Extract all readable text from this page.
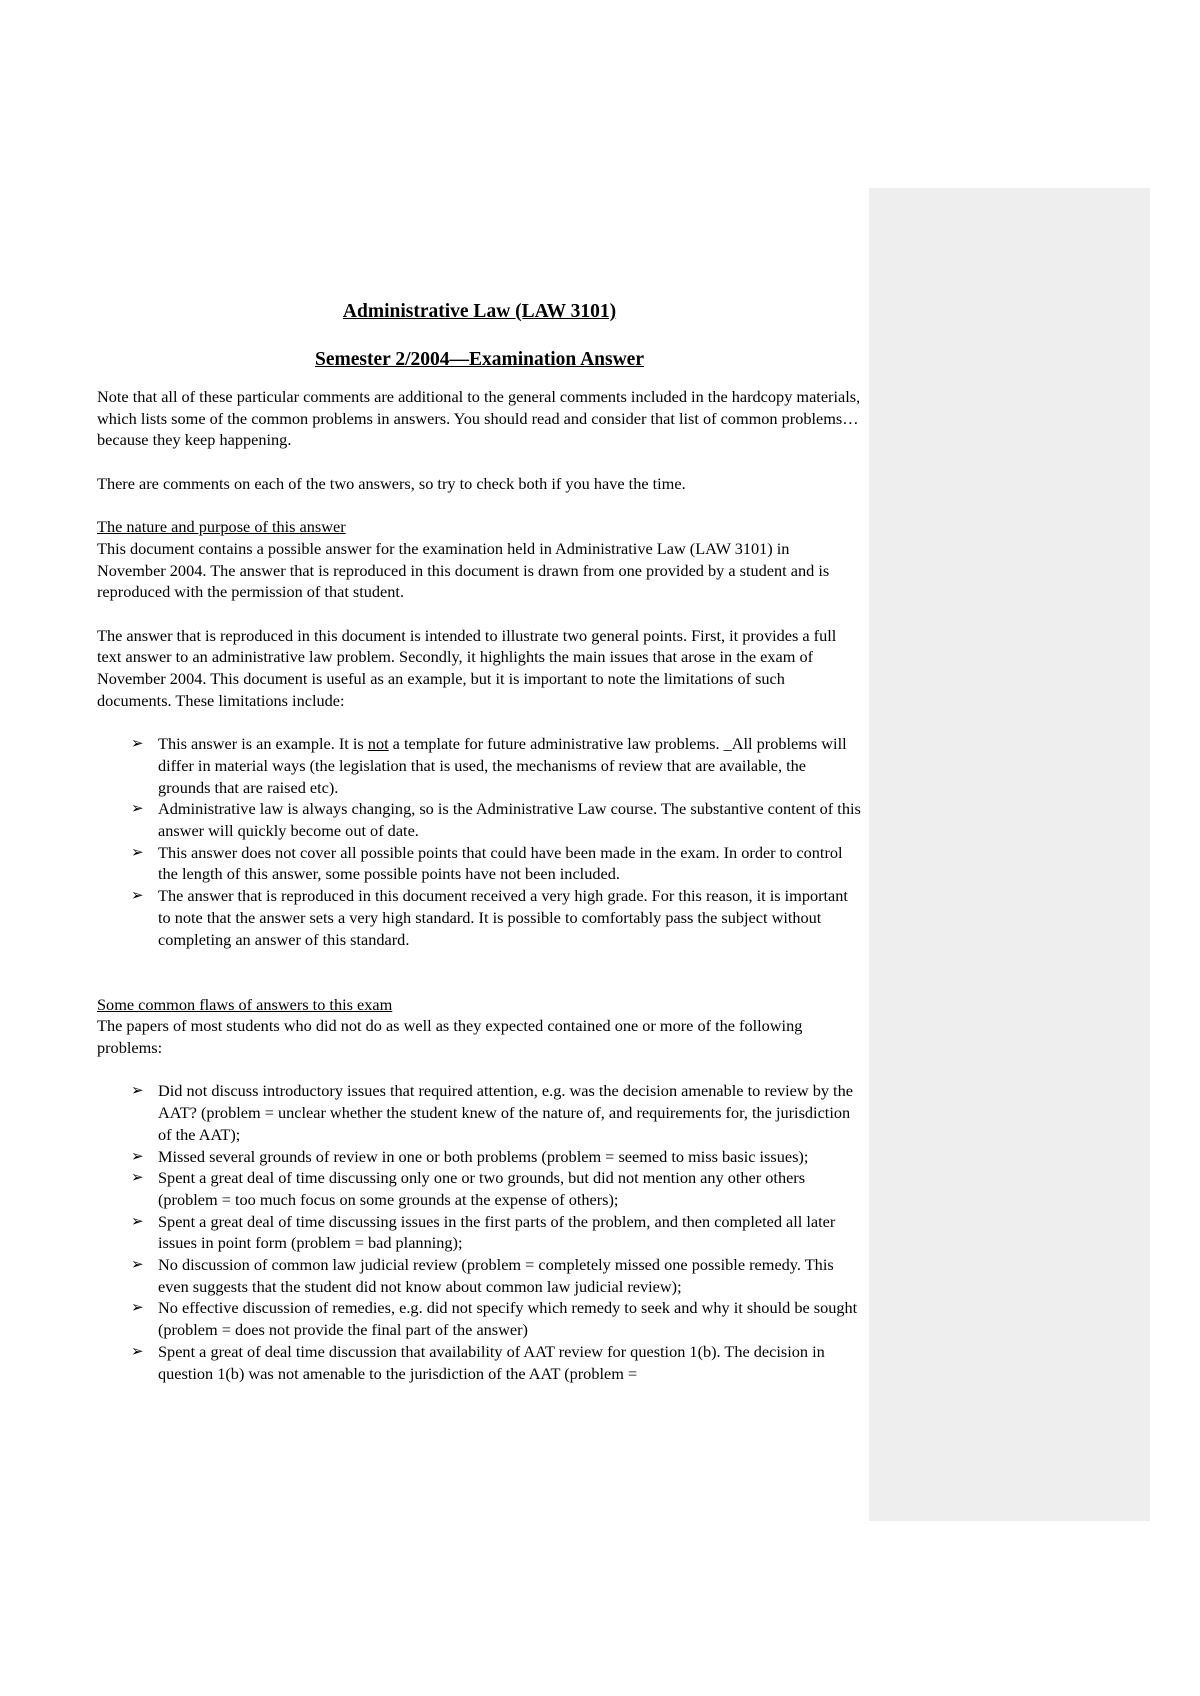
Administrative Law (LAW 3101)
Semester 2/2004—Examination Answer

Note that all of these particular comments are additional to the general comments included in the hardcopy materials, which lists some of the common problems in answers. You should read and consider that list of common problems…because they keep happening.

There are comments on each of the two answers, so try to check both if you have the time.

The nature and purpose of this answer

This document contains a possible answer for the examination held in Administrative Law (LAW 3101) in November 2004. The answer that is reproduced in this document is drawn from one provided by a student and is reproduced with the permission of that student.

The answer that is reproduced in this document is intended to illustrate two general points. First, it provides a full text answer to an administrative law problem. Secondly, it highlights the main issues that arose in the exam of November 2004. This document is useful as an example, but it is important to note the limitations of such documents. These limitations include:

➢ This answer is an example. It is not a template for future administrative law problems. _All problems will differ in material ways (the legislation that is used, the mechanisms of review that are available, the grounds that are raised etc).
➢ Administrative law is always changing, so is the Administrative Law course. The substantive content of this answer will quickly become out of date.
➢ This answer does not cover all possible points that could have been made in the exam. In order to control the length of this answer, some possible points have not been included.
➢ The answer that is reproduced in this document received a very high grade. For this reason, it is important to note that the answer sets a very high standard. It is possible to comfortably pass the subject without completing an answer of this standard.
Some common flaws of answers to this exam

The papers of most students who did not do as well as they expected contained one or more of the following problems:

➢ Did not discuss introductory issues that required attention, e.g. was the decision amenable to review by the AAT? (problem = unclear whether the student knew of the nature of, and requirements for, the jurisdiction of the AAT);
➢ Missed several grounds of review in one or both problems (problem = seemed to miss basic issues);
➢ Spent a great deal of time discussing only one or two grounds, but did not mention any other others (problem = too much focus on some grounds at the expense of others);
➢ Spent a great deal of time discussing issues in the first parts of the problem, and then completed all later issues in point form (problem = bad planning);
➢ No discussion of common law judicial review (problem = completely missed one possible remedy. This even suggests that the student did not know about common law judicial review);
➢ No effective discussion of remedies, e.g. did not specify which remedy to seek and why it should be sought (problem = does not provide the final part of the answer)
➢ Spent a great of deal time discussion that availability of AAT review for question 1(b). The decision in question 1(b) was not amenable to the jurisdiction of the AAT (problem =
